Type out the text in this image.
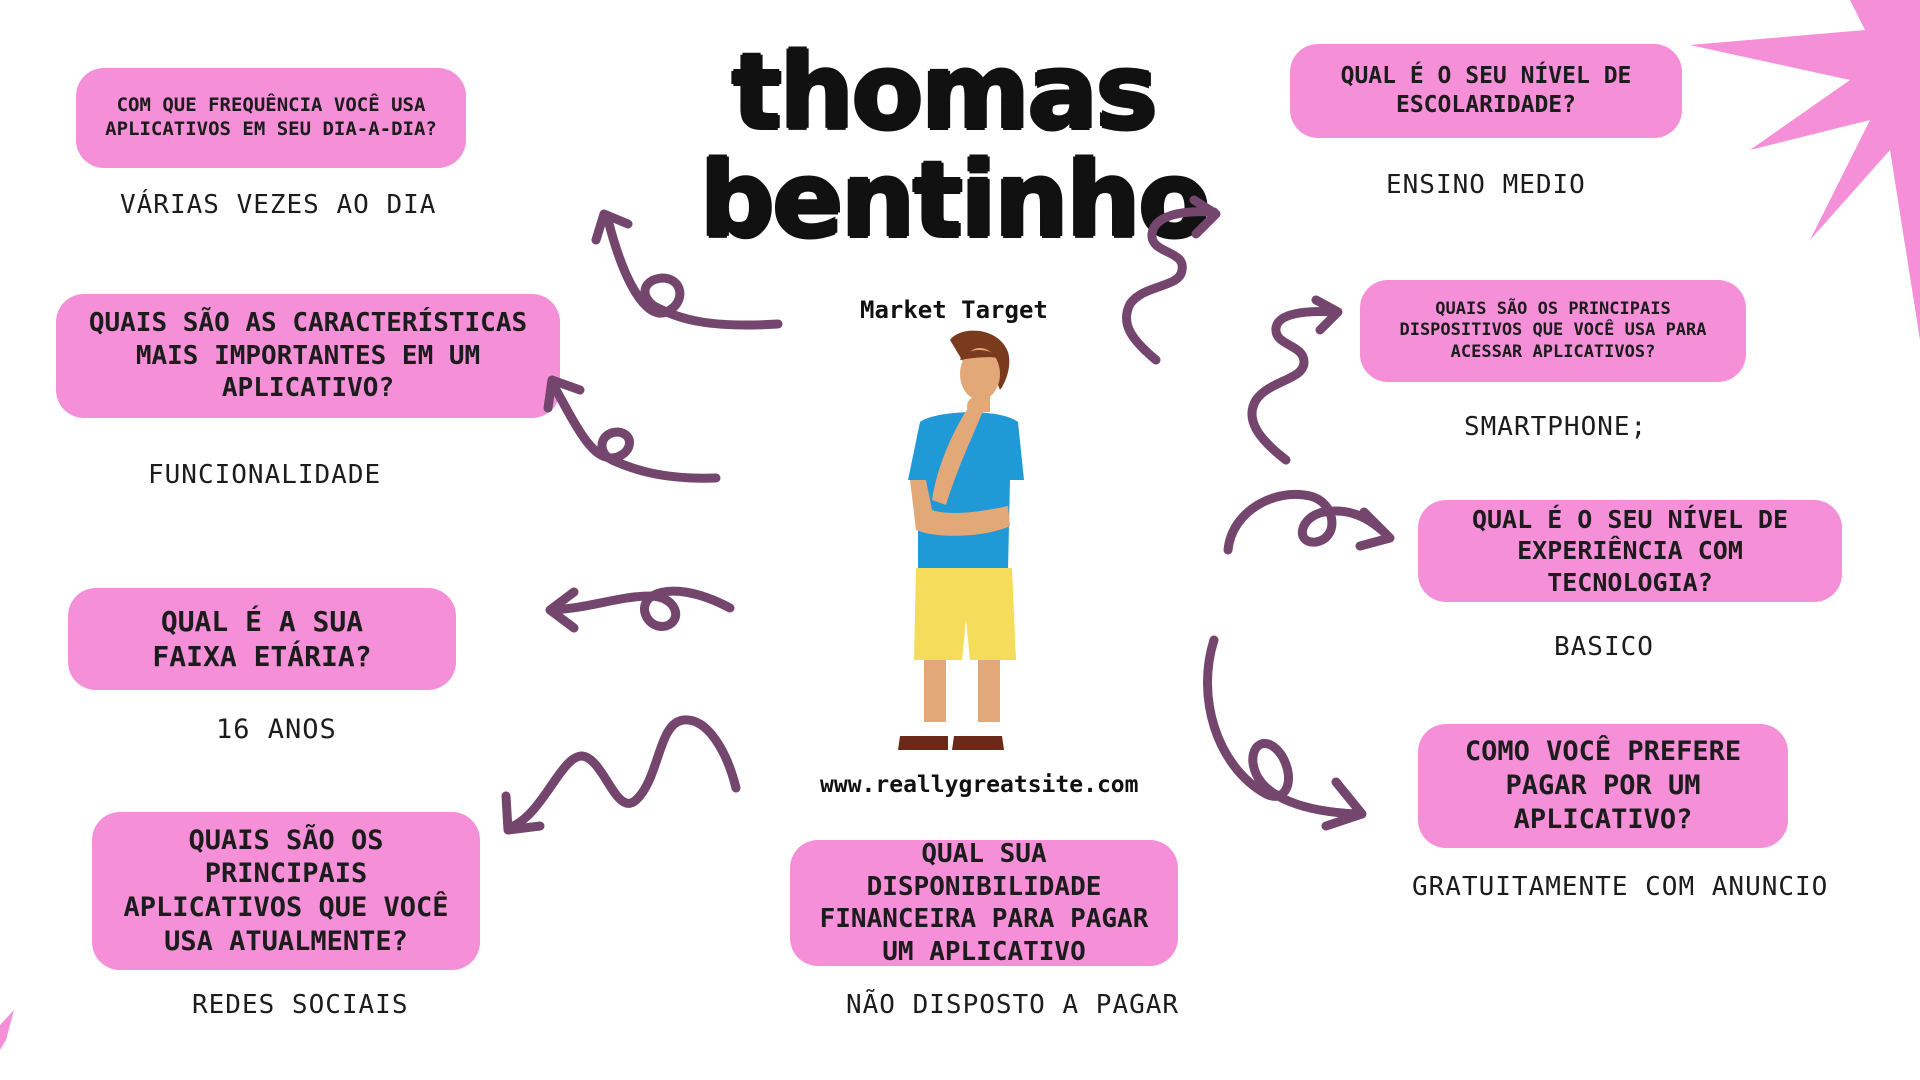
thomas
bentinho
Market Target
www.reallygreatsite.com
COM QUE FREQUÊNCIA VOCÊ USA APLICATIVOS EM SEU DIA-A-DIA?
VÁRIAS VEZES AO DIA
QUAIS SÃO AS CARACTERÍSTICAS MAIS IMPORTANTES EM UM APLICATIVO?
FUNCIONALIDADE
QUAL É A SUA FAIXA ETÁRIA?
16 ANOS
QUAIS SÃO OS PRINCIPAIS APLICATIVOS QUE VOCÊ USA ATUALMENTE?
REDES SOCIAIS
QUAL SUA DISPONIBILIDADE FINANCEIRA PARA PAGAR UM APLICATIVO
NÃO DISPOSTO A PAGAR
QUAL É O SEU NÍVEL DE ESCOLARIDADE?
ENSINO MEDIO
QUAIS SÃO OS PRINCIPAIS DISPOSITIVOS QUE VOCÊ USA PARA ACESSAR APLICATIVOS?
SMARTPHONE;
QUAL É O SEU NÍVEL DE EXPERIÊNCIA COM TECNOLOGIA?
BASICO
COMO VOCÊ PREFERE PAGAR POR UM APLICATIVO?
GRATUITAMENTE COM ANUNCIO
